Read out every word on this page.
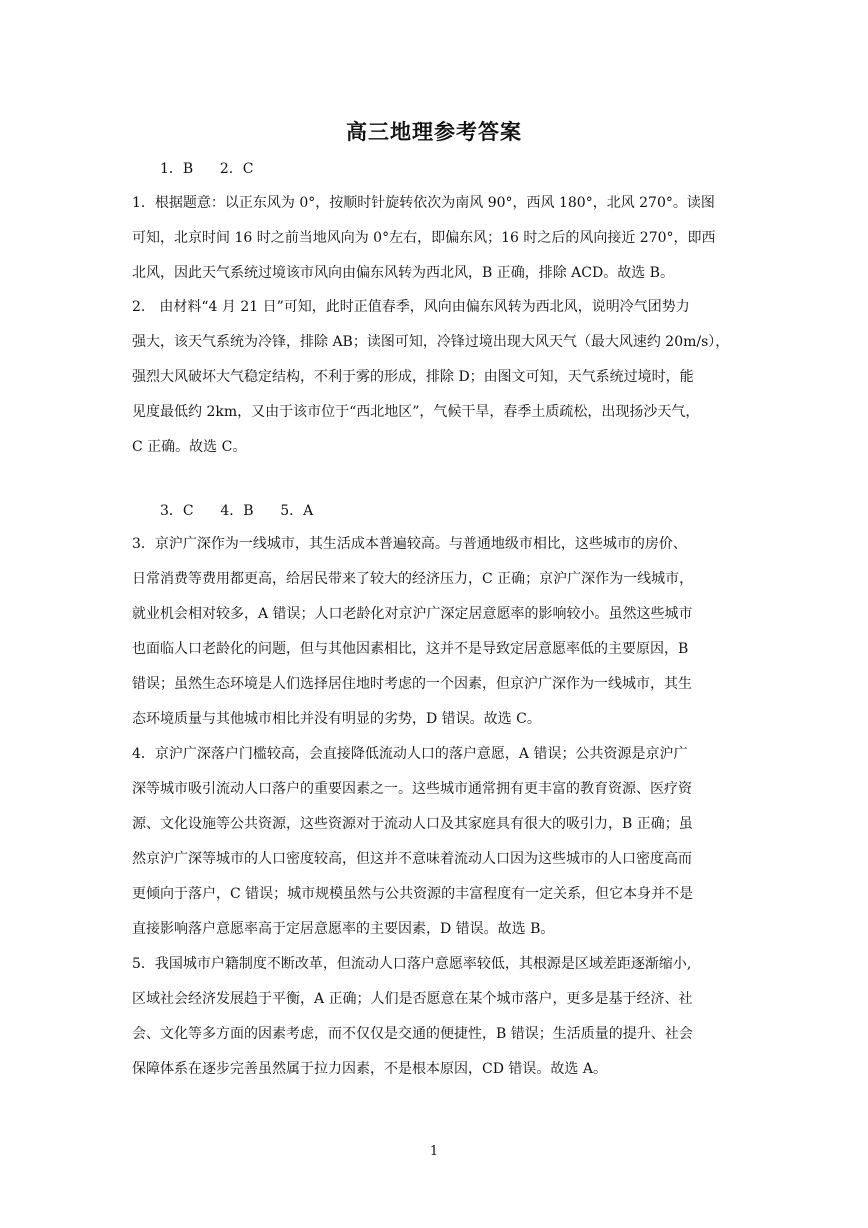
高三地理参考答案
1．B      2．C
1．根据题意：以正东风为 0°，按顺时针旋转依次为南风 90°，西风 180°，北风 270°。读图
可知，北京时间 16 时之前当地风向为 0°左右，即偏东风；16 时之后的风向接近 270°，即西
北风，因此天气系统过境该市风向由偏东风转为西北风，B 正确，排除 ACD。故选 B。
2.　由材料“4 月 21 日”可知，此时正值春季，风向由偏东风转为西北风，说明冷气团势力
强大，该天气系统为冷锋，排除 AB；读图可知，冷锋过境出现大风天气（最大风速约 20m/s），
强烈大风破坏大气稳定结构，不利于雾的形成，排除 D；由图文可知，天气系统过境时，能
见度最低约 2km，又由于该市位于“西北地区”，气候干旱，春季土质疏松，出现扬沙天气，
C 正确。故选 C。
3．C      4．B      5．A
3．京沪广深作为一线城市，其生活成本普遍较高。与普通地级市相比，这些城市的房价、
日常消费等费用都更高，给居民带来了较大的经济压力，C 正确；京沪广深作为一线城市，
就业机会相对较多，A 错误；人口老龄化对京沪广深定居意愿率的影响较小。虽然这些城市
也面临人口老龄化的问题，但与其他因素相比，这并不是导致定居意愿率低的主要原因，B
错误；虽然生态环境是人们选择居住地时考虑的一个因素，但京沪广深作为一线城市，其生
态环境质量与其他城市相比并没有明显的劣势，D 错误。故选 C。
4．京沪广深落户门槛较高，会直接降低流动人口的落户意愿，A 错误；公共资源是京沪广
深等城市吸引流动人口落户的重要因素之一。这些城市通常拥有更丰富的教育资源、医疗资
源、文化设施等公共资源，这些资源对于流动人口及其家庭具有很大的吸引力，B 正确；虽
然京沪广深等城市的人口密度较高，但这并不意味着流动人口因为这些城市的人口密度高而
更倾向于落户，C 错误；城市规模虽然与公共资源的丰富程度有一定关系，但它本身并不是
直接影响落户意愿率高于定居意愿率的主要因素，D 错误。故选 B。
5．我国城市户籍制度不断改革，但流动人口落户意愿率较低，其根源是区域差距逐渐缩小,
区域社会经济发展趋于平衡，A 正确；人们是否愿意在某个城市落户，更多是基于经济、社
会、文化等多方面的因素考虑，而不仅仅是交通的便捷性，B 错误；生活质量的提升、社会
保障体系在逐步完善虽然属于拉力因素，不是根本原因，CD 错误。故选 A。
1
